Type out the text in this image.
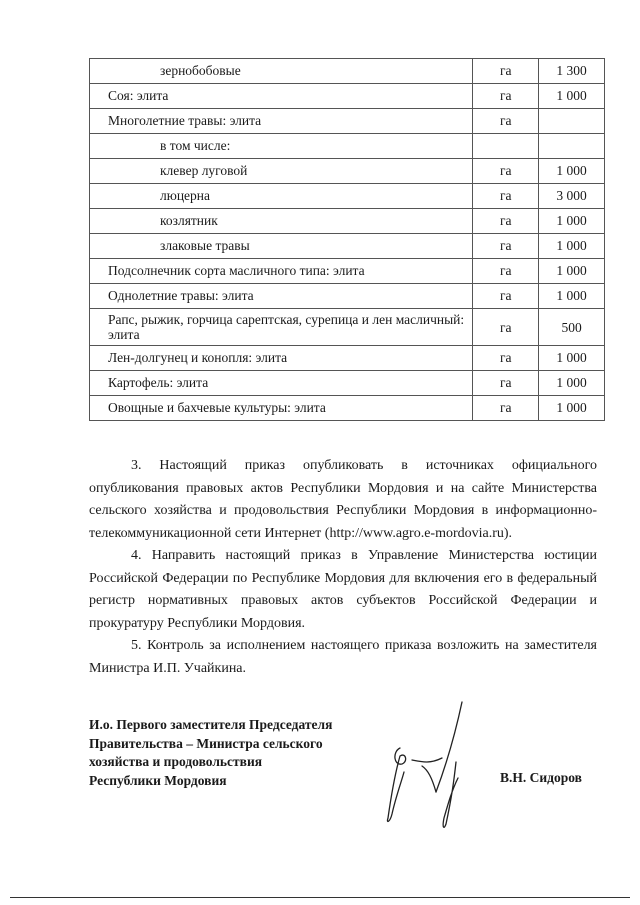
зернобобовые	га	1 300
Соя: элита	га	1 000
Многолетние травы: элита	га	
в том числе:		
клевер луговой	га	1 000
люцерна	га	3 000
козлятник	га	1 000
злаковые травы	га	1 000
Подсолнечник сорта масличного типа: элита	га	1 000
Однолетние травы: элита	га	1 000
Рапс, рыжик, горчица сарептская, сурепица и лен масличный: элита	га	500
Лен-долгунец и конопля: элита	га	1 000
Картофель: элита	га	1 000
Овощные и бахчевые культуры: элита	га	1 000

3. Настоящий приказ опубликовать в источниках официального опубликования правовых актов Республики Мордовия и на сайте Министерства сельского хозяйства и продовольствия Республики Мордовия в информационно-телекоммуникационной сети Интернет (http://www.agro.e-mordovia.ru).

4. Направить настоящий приказ в Управление Министерства юстиции Российской Федерации по Республике Мордовия для включения его в федеральный регистр нормативных правовых актов субъектов Российской Федерации и прокуратуру Республики Мордовия.

5. Контроль за исполнением настоящего приказа возложить на заместителя Министра И.П. Учайкина.

И.о. Первого заместителя Председателя
Правительства – Министра сельского
хозяйства и продовольствия
Республики Мордовия	В.Н. Сидоров
